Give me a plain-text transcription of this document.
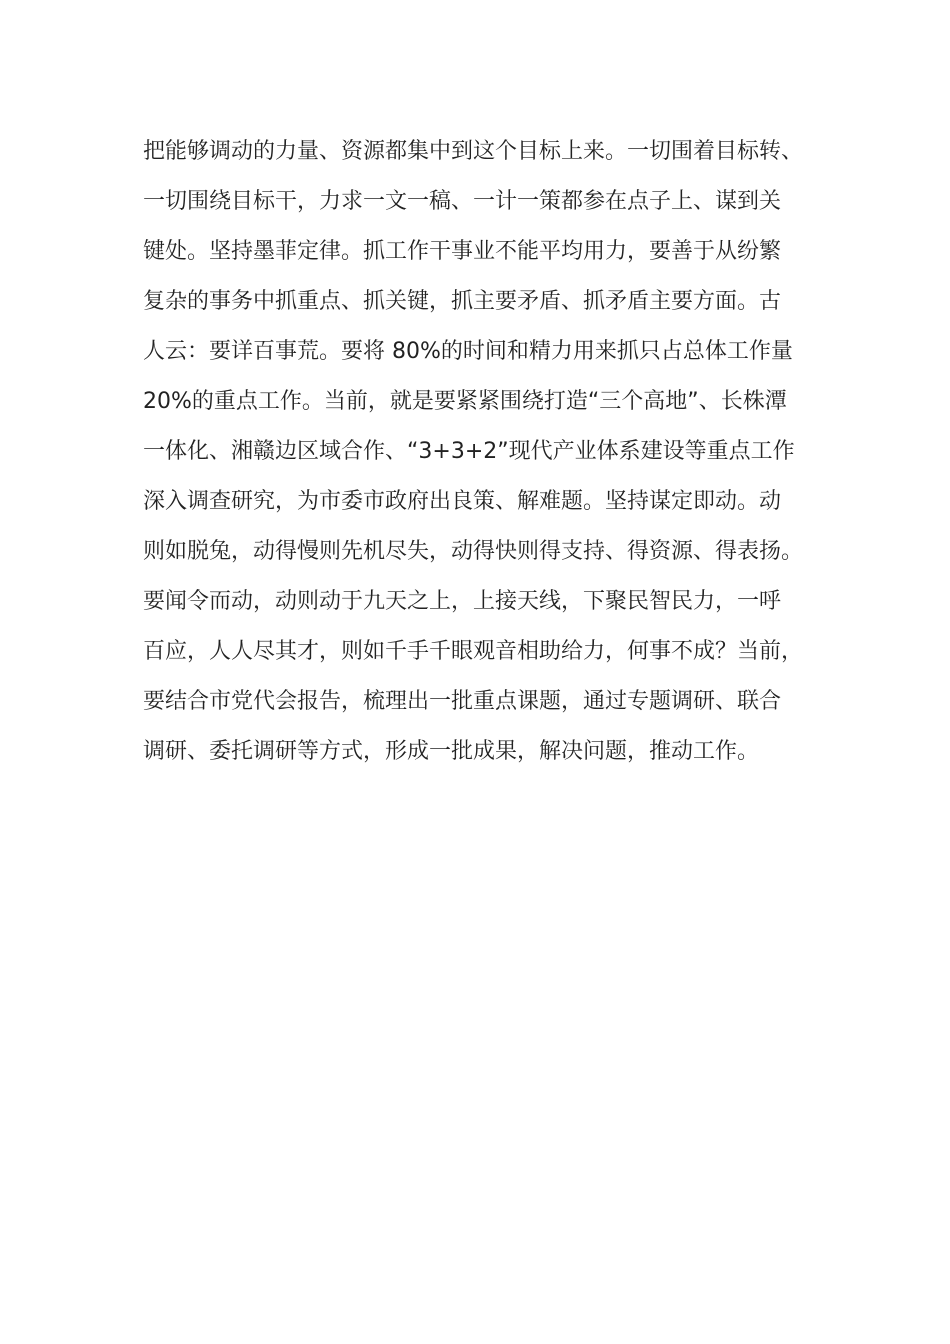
把能够调动的力量、资源都集中到这个目标上来。一切围着目标转、
一切围绕目标干，力求一文一稿、一计一策都参在点子上、谋到关
键处。坚持墨菲定律。抓工作干事业不能平均用力，要善于从纷繁
复杂的事务中抓重点、抓关键，抓主要矛盾、抓矛盾主要方面。古
人云：要详百事荒。要将 80%的时间和精力用来抓只占总体工作量
20%的重点工作。当前，就是要紧紧围绕打造“三个高地”、长株潭
一体化、湘赣边区域合作、“3+3+2”现代产业体系建设等重点工作
深入调查研究，为市委市政府出良策、解难题。坚持谋定即动。动
则如脱兔，动得慢则先机尽失，动得快则得支持、得资源、得表扬。
要闻令而动，动则动于九天之上，上接天线，下聚民智民力，一呼
百应，人人尽其才，则如千手千眼观音相助给力，何事不成？当前，
要结合市党代会报告，梳理出一批重点课题，通过专题调研、联合
调研、委托调研等方式，形成一批成果，解决问题，推动工作。
